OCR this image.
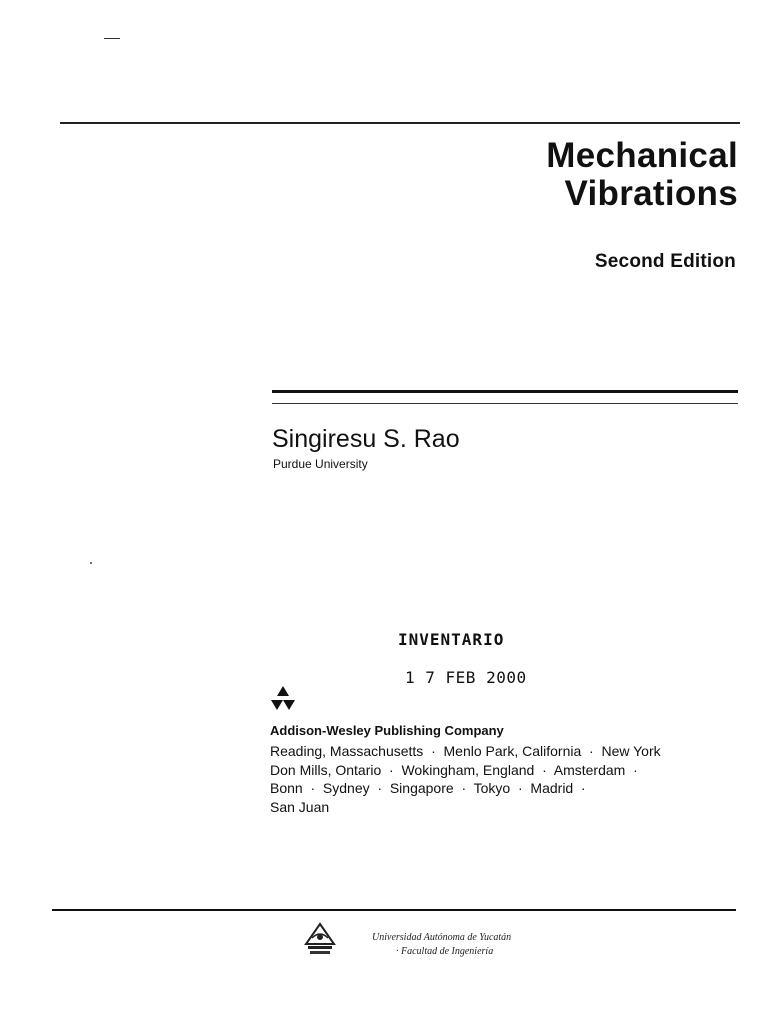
Mechanical
Vibrations
Second Edition
Singiresu S. Rao
Purdue University
INVENTARIO
1 7 FEB 2000
Addison-Wesley Publishing Company
Reading, Massachusetts  ·  Menlo Park, California  ·  New York
Don Mills, Ontario  ·  Wokingham, England  ·  Amsterdam  ·
Bonn  ·  Sydney  ·  Singapore  ·  Tokyo  ·  Madrid  ·
San Juan
Universidad Autónoma de Yucatán
· Facultad de Ingeniería
